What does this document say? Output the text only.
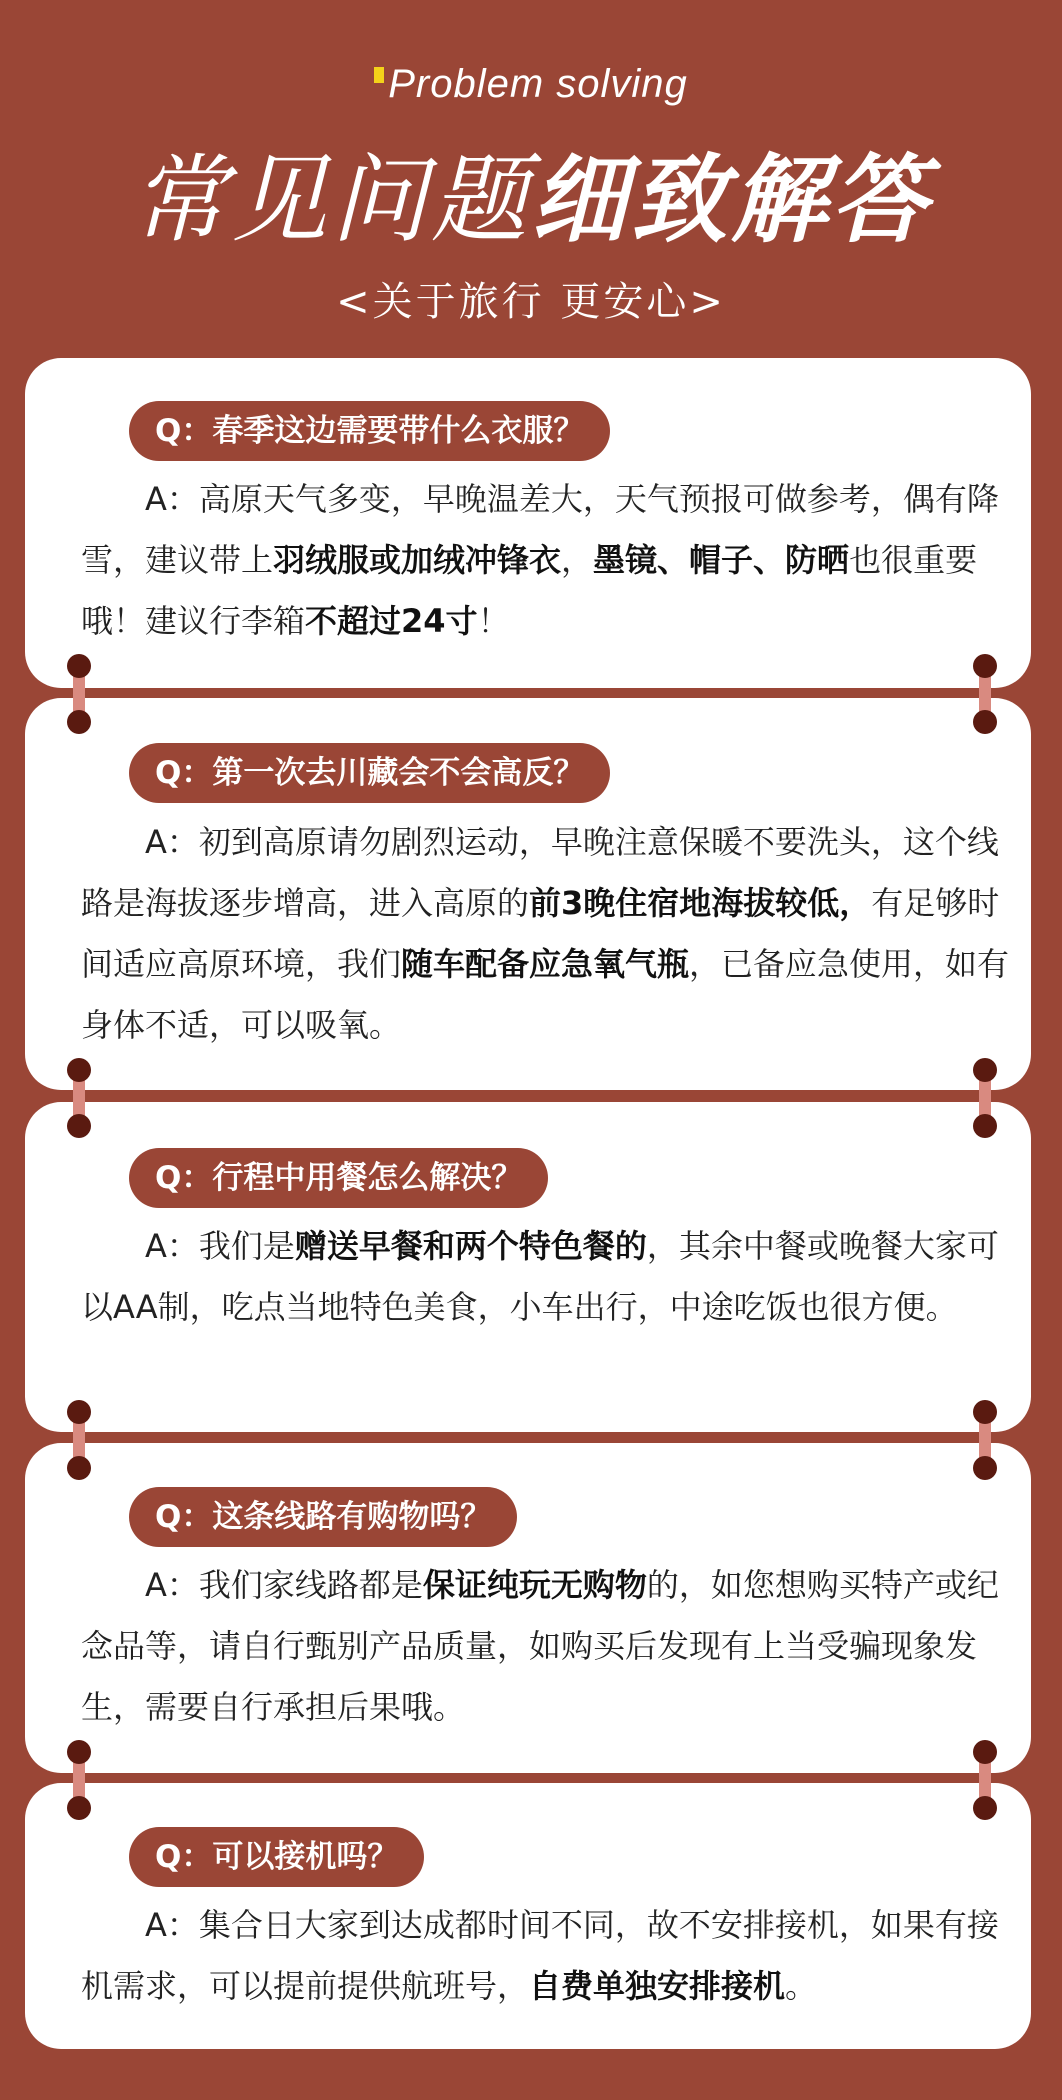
Problem solving
常见问题细致解答
<关于旅行 更安心>
Q：春季这边需要带什么衣服？
A：高原天气多变，早晚温差大，天气预报可做参考，偶有降雪，建议带上羽绒服或加绒冲锋衣，墨镜、帽子、防晒也很重要哦！建议行李箱不超过24寸！
Q：第一次去川藏会不会高反？
A：初到高原请勿剧烈运动，早晚注意保暖不要洗头，这个线路是海拔逐步增高，进入高原的前3晚住宿地海拔较低，有足够时间适应高原环境，我们随车配备应急氧气瓶，已备应急使用，如有身体不适，可以吸氧。
Q：行程中用餐怎么解决？
A：我们是赠送早餐和两个特色餐的，其余中餐或晚餐大家可以AA制，吃点当地特色美食，小车出行，中途吃饭也很方便。
Q：这条线路有购物吗？
A：我们家线路都是保证纯玩无购物的，如您想购买特产或纪念品等，请自行甄别产品质量，如购买后发现有上当受骗现象发生，需要自行承担后果哦。
Q：可以接机吗？
A：集合日大家到达成都时间不同，故不安排接机，如果有接机需求，可以提前提供航班号，自费单独安排接机。
